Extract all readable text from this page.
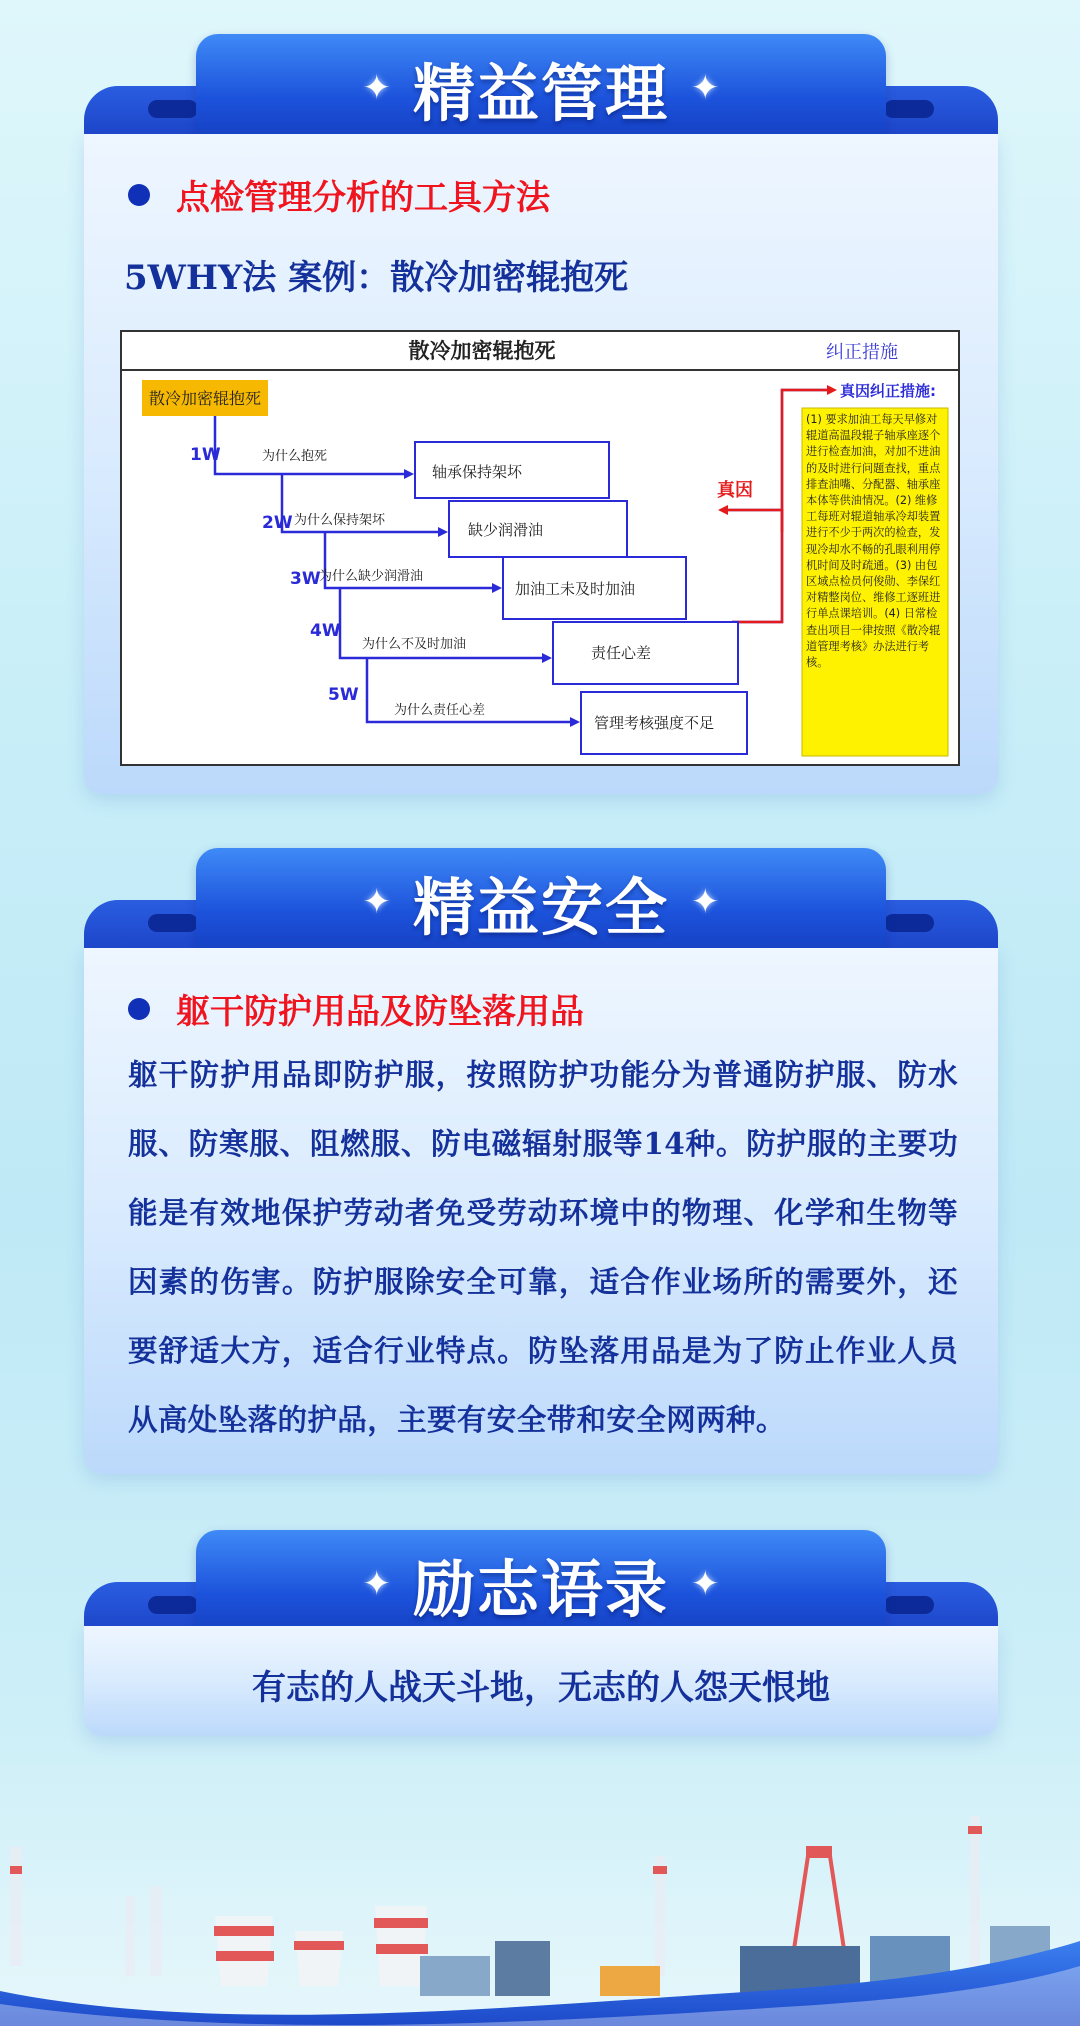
✦ 精益管理 ✦
点检管理分析的工具方法
5WHY法 案例：散冷加密辊抱死
散冷加密辊抱死	纠正措施
散冷加密辊抱死
1W	为什么抱死
轴承保持架坏
2W 为什么保持架坏
缺少润滑油
3W
为什么缺少润滑油
加油工未及时加油
4W
为什么不及时加油	责任心差
5W
为什么责任心差
管理考核强度不足
真因
真因纠正措施:
(1) 要求加油工每天早修对辊道高温段辊子轴承座逐个进行检查加油，对加不进油的及时进行问题查找，重点排查油嘴、分配器、轴承座本体等供油情况。(2) 维修工每班对辊道轴承冷却装置进行不少于两次的检查，发现冷却水不畅的孔眼利用停机时间及时疏通。(3) 由包区域点检员何俊勋、李保红对精整岗位、维修工逐班进行单点课培训。(4) 日常检查出项目一律按照《散冷辊道管理考核》办法进行考核。
✦ 精益安全 ✦
躯干防护用品及防坠落用品
躯干防护用品即防护服，按照防护功能分为普通防护服、防水服、防寒服、阻燃服、防电磁辐射服等14种。防护服的主要功能是有效地保护劳动者免受劳动环境中的物理、化学和生物等因素的伤害。防护服除安全可靠，适合作业场所的需要外，还要舒适大方，适合行业特点。防坠落用品是为了防止作业人员从高处坠落的护品，主要有安全带和安全网两种。
✦ 励志语录 ✦
有志的人战天斗地，无志的人怨天恨地
